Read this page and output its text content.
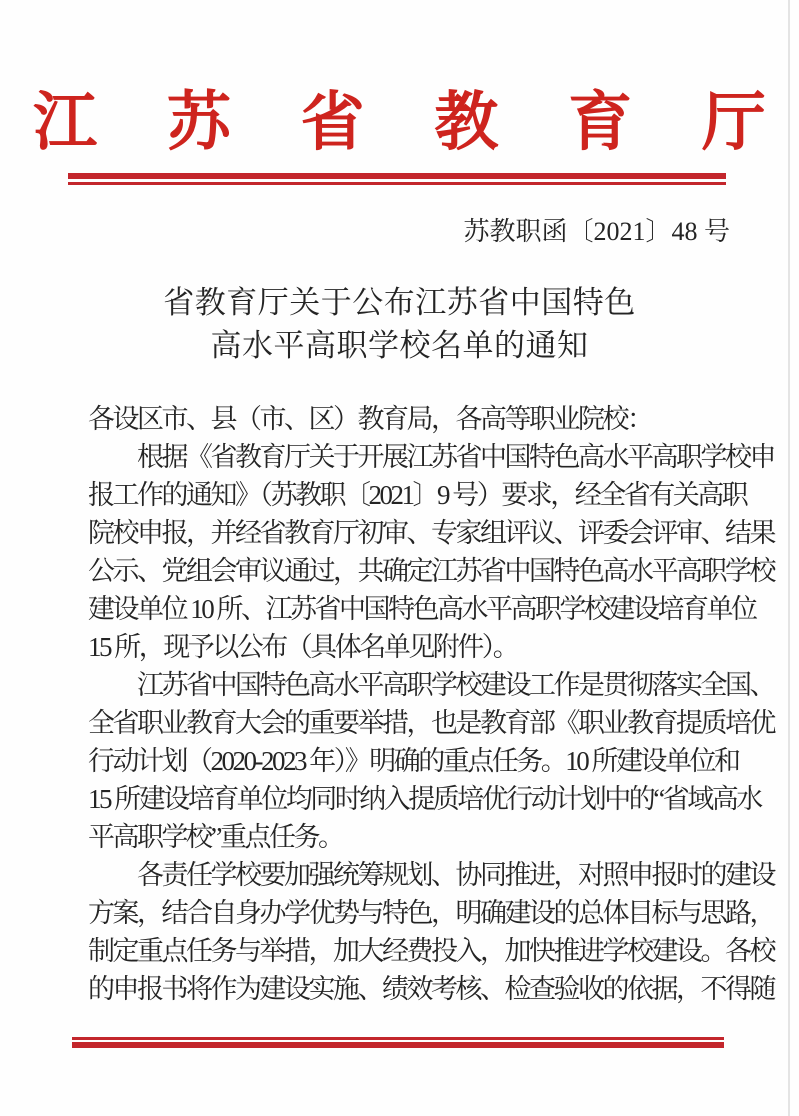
江 苏 省 教 育 厅
苏教职函〔2021〕48 号
省教育厅关于公布江苏省中国特色
高水平高职学校名单的通知
各设区市、县（市、区）教育局，各高等职业院校：
　　根据《省教育厅关于开展江苏省中国特色高水平高职学校申
报工作的通知》（苏教职〔2021〕9 号）要求，经全省有关高职
院校申报，并经省教育厅初审、专家组评议、评委会评审、结果
公示、党组会审议通过，共确定江苏省中国特色高水平高职学校
建设单位 10 所、江苏省中国特色高水平高职学校建设培育单位
15 所，现予以公布（具体名单见附件）。
　　江苏省中国特色高水平高职学校建设工作是贯彻落实全国、
全省职业教育大会的重要举措，也是教育部《职业教育提质培优
行动计划（2020-2023 年）》明确的重点任务。10 所建设单位和
15 所建设培育单位均同时纳入提质培优行动计划中的“省域高水
平高职学校”重点任务。
　　各责任学校要加强统筹规划、协同推进，对照申报时的建设
方案，结合自身办学优势与特色，明确建设的总体目标与思路，
制定重点任务与举措，加大经费投入，加快推进学校建设。各校
的申报书将作为建设实施、绩效考核、检查验收的依据，不得随
